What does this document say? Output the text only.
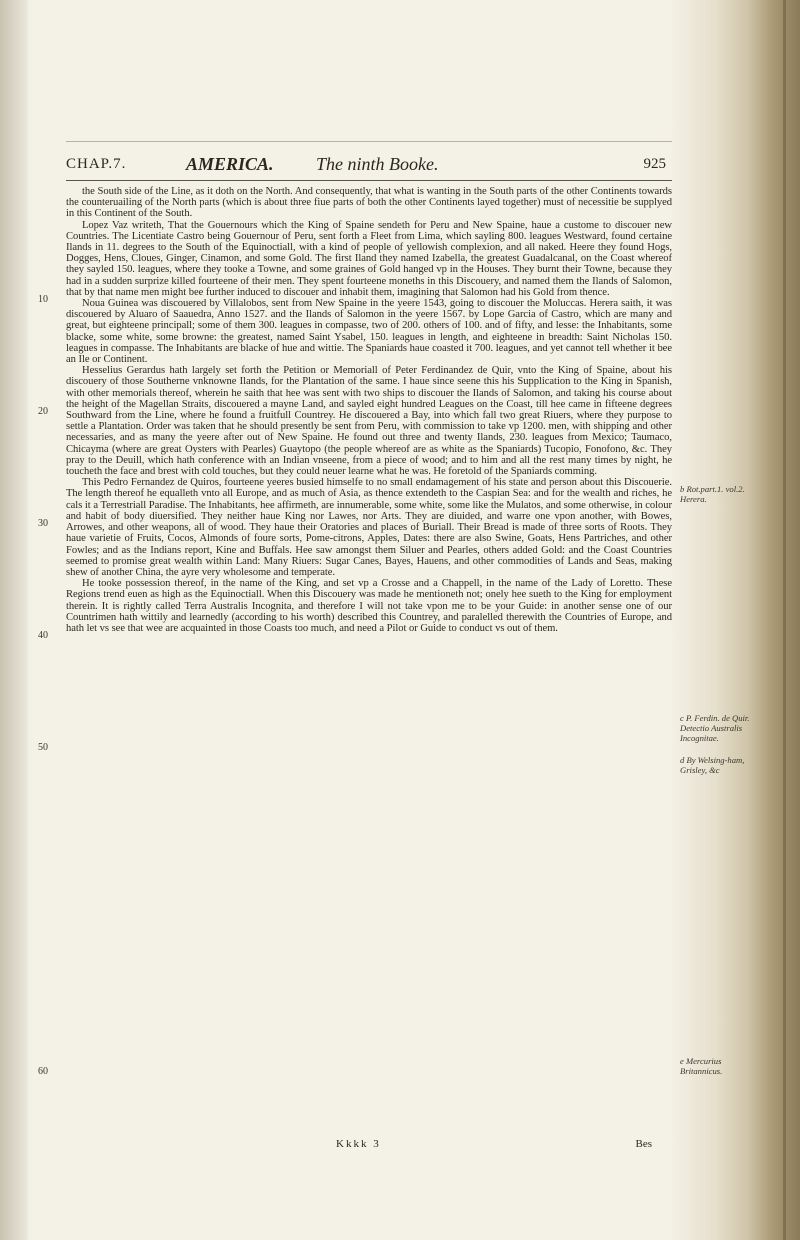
CHAP.7.	AMERICA. The ninth Booke.	925
10
20
30
40
50
60

the South side of the Line, as it doth on the North. And consequently, that what is wanting in the South parts of the other Continents towards the counteruailing of the North parts (which is about three fiue parts of both the other Continents layed together) must of necessitie be supplyed in this Continent of the South.

Lopez Vaz writeth, That the Gouernours which the King of Spaine sendeth for Peru and New Spaine, haue a custome to discouer new Countries. The Licentiate Castro being Gouernour of Peru, sent forth a Fleet from Lima, which sayling 800. leagues Westward, found certaine Ilands in 11. degrees to the South of the Equinoctiall, with a kind of people of yellowish complexion, and all naked. Heere they found Hogs, Dogges, Hens, Cloues, Ginger, Cinamon, and some Gold. The first Iland they named Izabella, the greatest Guadalcanal, on the Coast whereof they sayled 150. leagues, where they tooke a Towne, and some graines of Gold hanged vp in the Houses. They burnt their Towne, because they had in a sudden surprize killed fourteene of their men. They spent fourteene moneths in this Discouery, and named them the Ilands of Salomon, that by that name men might bee further induced to discouer and inhabit them, imagining that Salomon had his Gold from thence.

Noua Guinea was discouered by Villalobos, sent from New Spaine in the yeere 1543, going to discouer the Moluccas. Herera saith, it was discouered by Aluaro of Saauedra, Anno 1527. and the Ilands of Salomon in the yeere 1567. by Lope Garcia of Castro, which are many and great, but eighteene principall; some of them 300. leagues in compasse, two of 200. others of 100. and of fifty, and lesse: the Inhabitants, some blacke, some white, some browne: the greatest, named Saint Ysabel, 150. leagues in length, and eighteene in breadth: Saint Nicholas 150. leagues in compasse. The Inhabitants are blacke of hue and wittie. The Spaniards haue coasted it 700. leagues, and yet cannot tell whether it bee an Ile or Continent.

Hesselius Gerardus hath largely set forth the Petition or Memoriall of Peter Ferdinandez de Quir, vnto the King of Spaine, about his discouery of those Southerne vnknowne Ilands, for the Plantation of the same. I haue since seene this his Supplication to the King in Spanish, with other memorials thereof, wherein he saith that hee was sent with two ships to discouer the Ilands of Salomon, and taking his course about the height of the Magellan Straits, discouered a mayne Land, and sayled eight hundred Leagues on the Coast, till hee came in fifteene degrees Southward from the Line, where he found a fruitfull Countrey. He discouered a Bay, into which fall two great Riuers, where they purpose to settle a Plantation. Order was taken that he should presently be sent from Peru, with commission to take vp 1200. men, with shipping and other necessaries, and as many the yeere after out of New Spaine. He found out three and twenty Ilands, 230. leagues from Mexico; Taumaco, Chicayma (where are great Oysters with Pearles) Guaytopo (the people whereof are as white as the Spaniards) Tucopio, Fonofono, &c. They pray to the Deuill, which hath conference with an Indian vnseene, from a piece of wood; and to him and all the rest many times by night, he toucheth the face and brest with cold touches, but they could neuer learne what he was. He foretold of the Spaniards comming.

This Pedro Fernandez de Quiros, fourteene yeeres busied himselfe to no small endamagement of his state and person about this Discouerie. The length thereof he equalleth vnto all Europe, and as much of Asia, as thence extendeth to the Caspian Sea: and for the wealth and riches, he cals it a Terrestriall Paradise. The Inhabitants, hee affirmeth, are innumerable, some white, some like the Mulatos, and some otherwise, in colour and habit of body diuersified. They neither haue King nor Lawes, nor Arts. They are diuided, and warre one vpon another, with Bowes, Arrowes, and other weapons, all of wood. They haue their Oratories and places of Buriall. Their Bread is made of three sorts of Roots. They haue varietie of Fruits, Cocos, Almonds of foure sorts, Pome-citrons, Apples, Dates: there are also Swine, Goats, Hens Partriches, and other Fowles; and as the Indians report, Kine and Buffals. Hee saw amongst them Siluer and Pearles, others added Gold: and the Coast Countries seemed to promise great wealth within Land: Many Riuers: Sugar Canes, Bayes, Hauens, and other commodities of Lands and Seas, making shew of another China, the ayre very wholesome and temperate.

He tooke possession thereof, in the name of the King, and set vp a Crosse and a Chappell, in the name of the Lady of Loretto. These Regions trend euen as high as the Equinoctiall. When this Discouery was made he mentioneth not; onely hee sueth to the King for employment therein. It is rightly called Terra Australis Incognita, and therefore I will not take vpon me to be your Guide: in another sense one of our Countrimen hath wittily and learnedly (according to his worth) described this Countrey, and paralelled therewith the Countries of Europe, and hath let vs see that wee are acquainted in those Coasts too much, and need a Pilot or Guide to conduct vs out of them.

b Rot.part.1. vol.2. Herera.
c P. Ferdin. de Quir. Detectio Australis Incognitae.
d By Welsing-ham, Grisley, &c
e Mercurius Britannicus.
Kkkk 3	Bes
